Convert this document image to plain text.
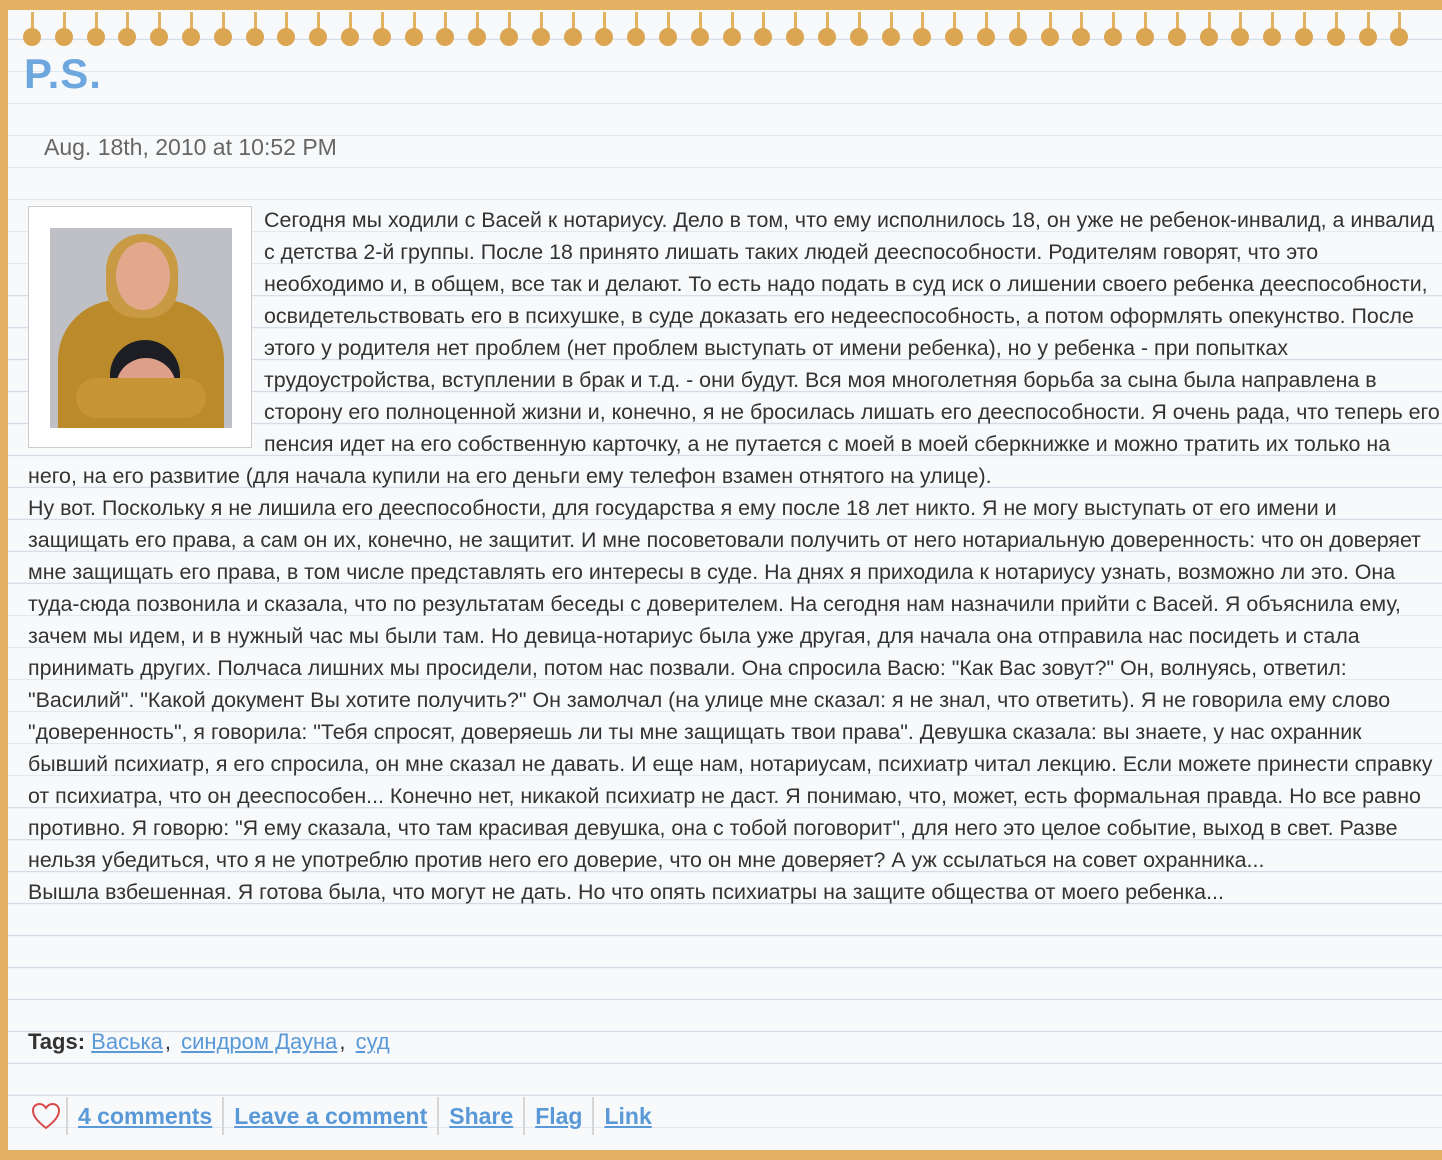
P.S.
Aug. 18th, 2010 at 10:52 PM

Сегодня мы ходили с Васей к нотариусу. Дело в том, что ему исполнилось 18, он уже не ребенок-инвалид, а инвалид с детства 2-й группы. После 18 принято лишать таких людей дееспособности. Родителям говорят, что это необходимо и, в общем, все так и делают. То есть надо подать в суд иск о лишении своего ребенка дееспособности, освидетельствовать его в психушке, в суде доказать его недееспособность, а потом оформлять опекунство. После этого у родителя нет проблем (нет проблем выступать от имени ребенка), но у ребенка - при попытках трудоустройства, вступлении в брак и т.д. - они будут. Вся моя многолетняя борьба за сына была направлена в сторону его полноценной жизни и, конечно, я не бросилась лишать его дееспособности. Я очень рада, что теперь его пенсия идет на его собственную карточку, а не путается с моей в моей сберкнижке и можно тратить их только на него, на его развитие (для начала купили на его деньги ему телефон взамен отнятого на улице).

Ну вот. Поскольку я не лишила его дееспособности, для государства я ему после 18 лет никто. Я не могу выступать от его имени и защищать его права, а сам он их, конечно, не защитит. И мне посоветовали получить от него нотариальную доверенность: что он доверяет мне защищать его права, в том числе представлять его интересы в суде. На днях я приходила к нотариусу узнать, возможно ли это. Она туда-сюда позвонила и сказала, что по результатам беседы с доверителем. На сегодня нам назначили прийти с Васей. Я объяснила ему, зачем мы идем, и в нужный час мы были там. Но девица-нотариус была уже другая, для начала она отправила нас посидеть и стала принимать других. Полчаса лишних мы просидели, потом нас позвали. Она спросила Васю: "Как Вас зовут?" Он, волнуясь, ответил: "Василий". "Какой документ Вы хотите получить?" Он замолчал (на улице мне сказал: я не знал, что ответить). Я не говорила ему слово "доверенность", я говорила: "Тебя спросят, доверяешь ли ты мне защищать твои права". Девушка сказала: вы знаете, у нас охранник бывший психиатр, я его спросила, он мне сказал не давать. И еще нам, нотариусам, психиатр читал лекцию. Если можете принести справку от психиатра, что он дееспособен... Конечно нет, никакой психиатр не даст. Я понимаю, что, может, есть формальная правда. Но все равно противно. Я говорю: "Я ему сказала, что там красивая девушка, она с тобой поговорит", для него это целое событие, выход в свет. Разве нельзя убедиться, что я не употреблю против него его доверие, что он мне доверяет? А уж ссылаться на совет охранника...

Вышла взбешенная. Я готова была, что могут не дать. Но что опять психиатры на защите общества от моего ребенка...

Tags: Васька, синдром Дауна, суд
4 comments Leave a comment Share Flag Link
